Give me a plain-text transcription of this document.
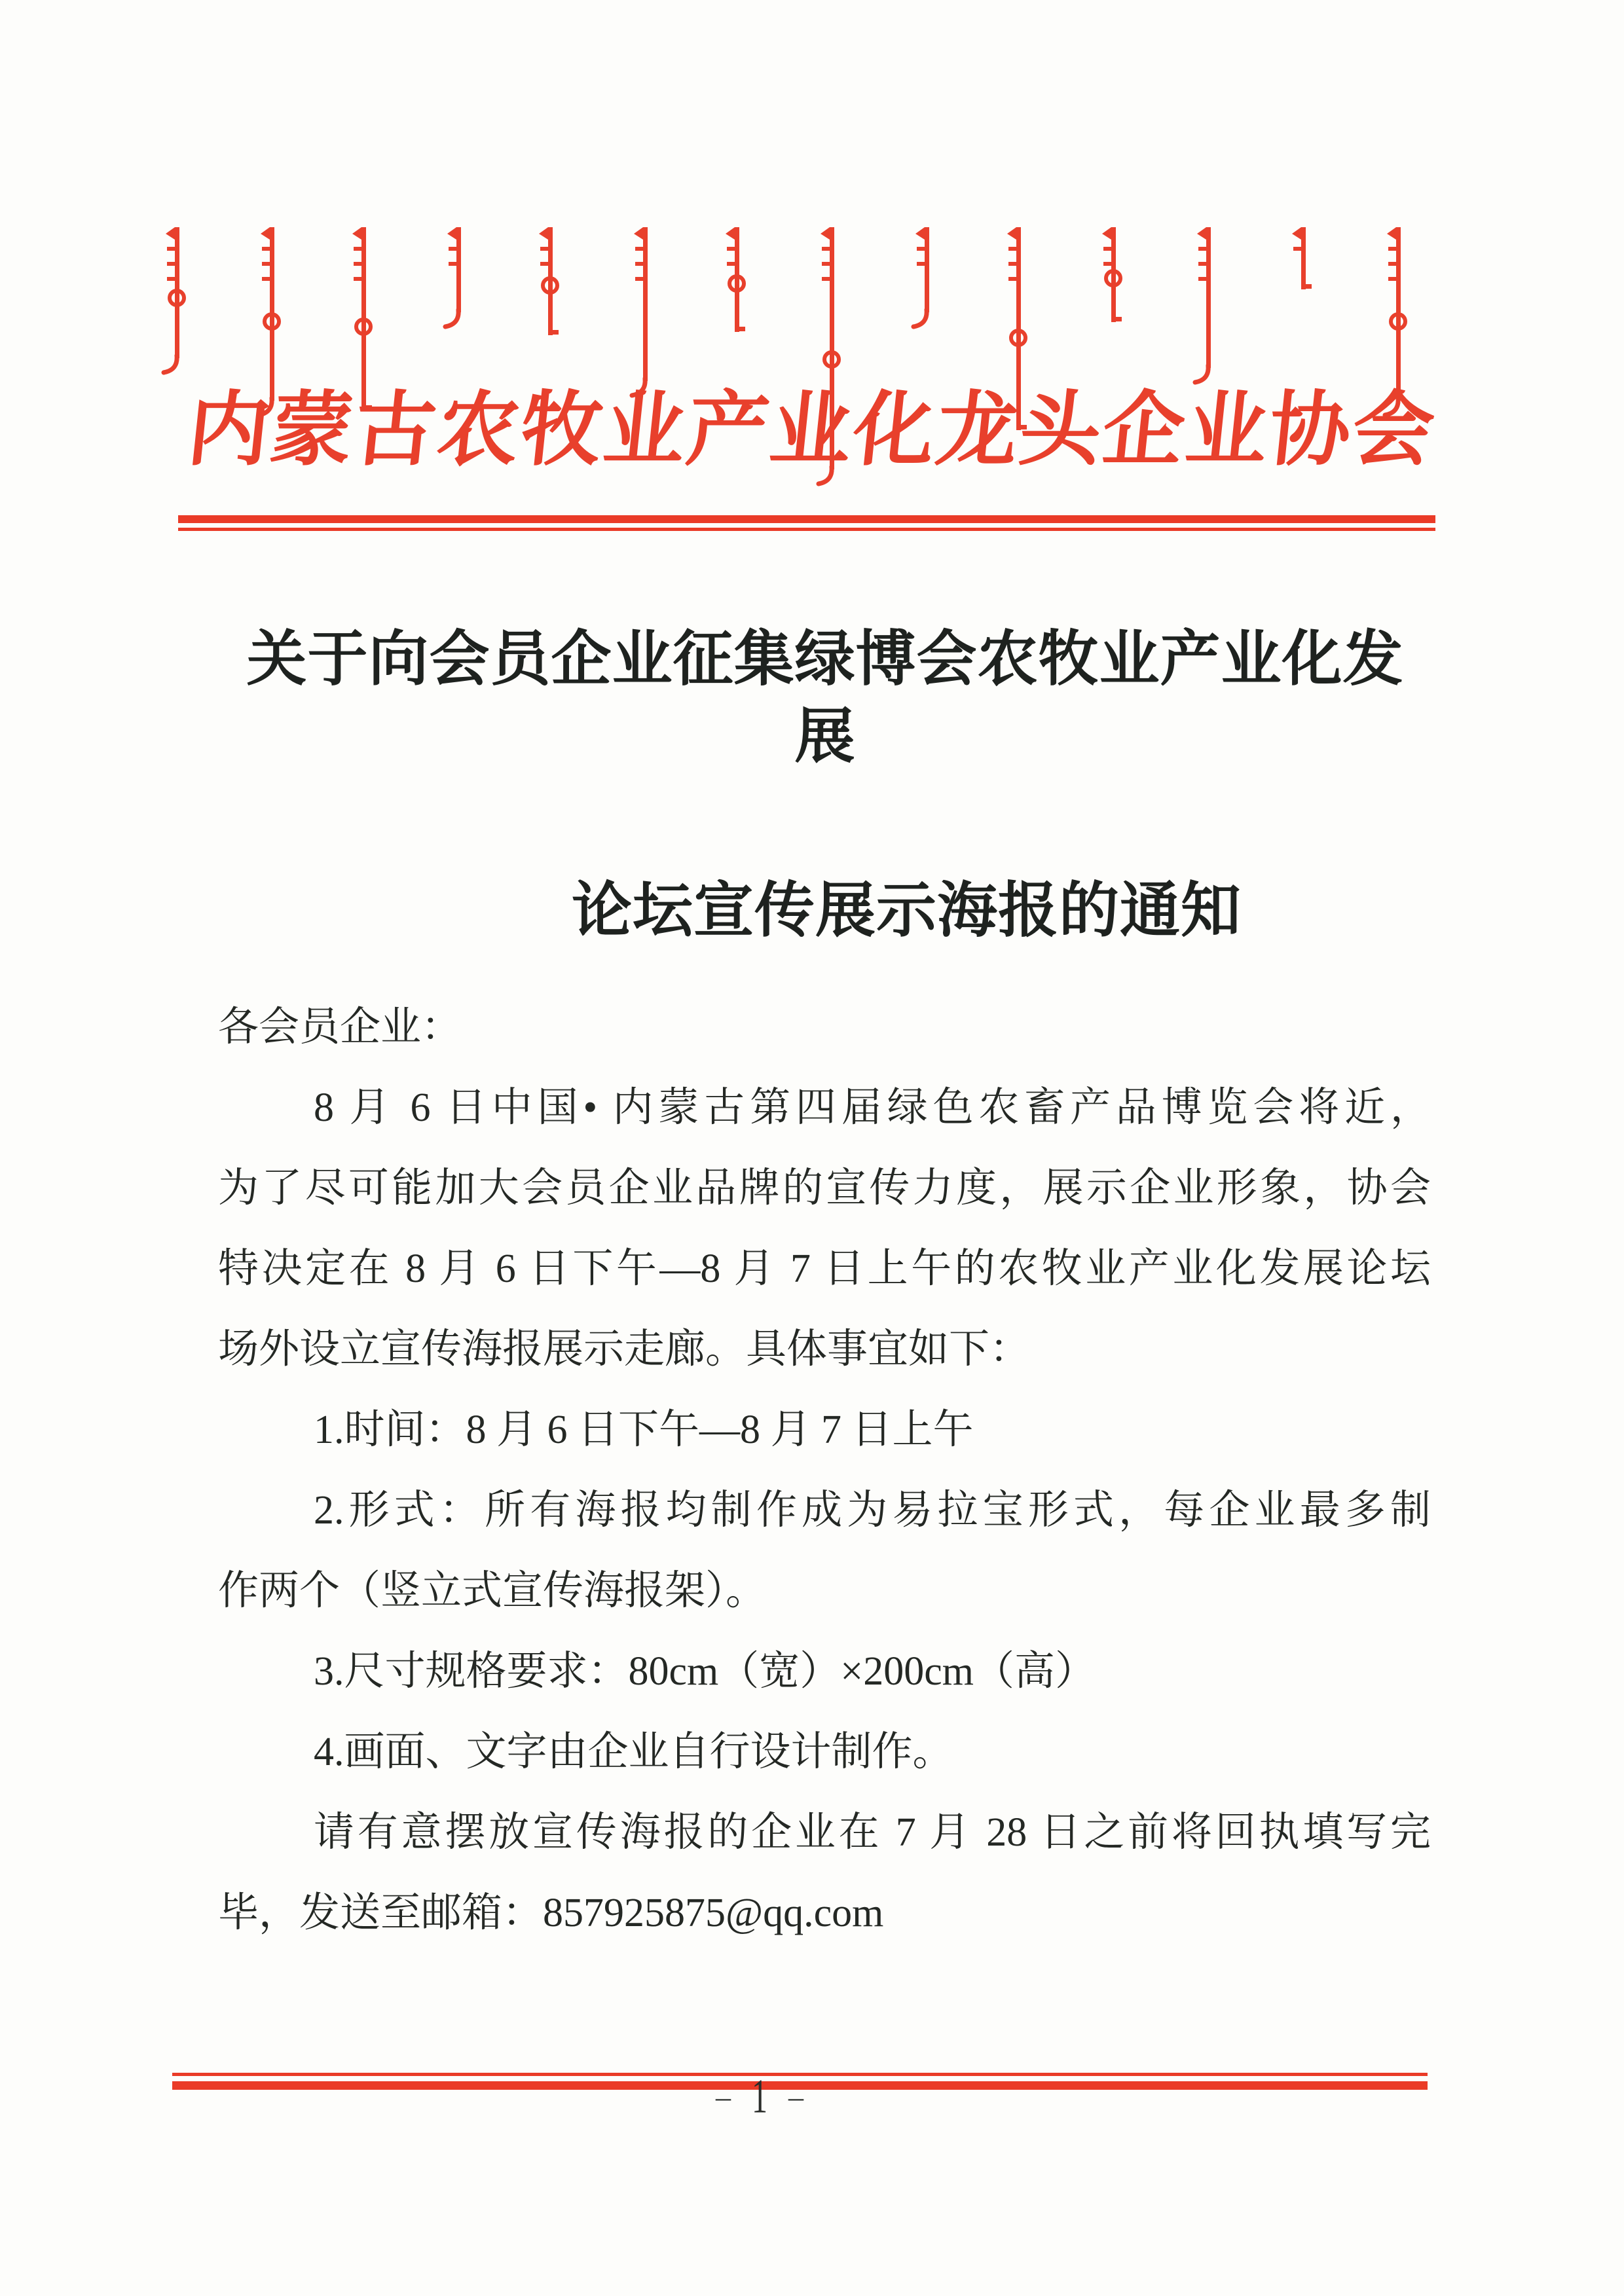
内蒙古农牧业产业化龙头企业协会
关于向会员企业征集绿博会农牧业产业化发展
论坛宣传展示海报的通知
各会员企业：
8 月 6 日中国• 内蒙古第四届绿色农畜产品博览会将近，
为了尽可能加大会员企业品牌的宣传力度，展示企业形象，协会
特决定在 8 月 6 日下午—8 月 7 日上午的农牧业产业化发展论坛
场外设立宣传海报展示走廊。具体事宜如下：
1.时间：8 月 6 日下午—8 月 7 日上午
2.形式：所有海报均制作成为易拉宝形式，每企业最多制
作两个（竖立式宣传海报架）。
3.尺寸规格要求：80cm（宽）×200cm（高）
4.画面、文字由企业自行设计制作。
请有意摆放宣传海报的企业在 7 月 28 日之前将回执填写完
毕，发送至邮箱：857925875@qq.com
– 1 –
